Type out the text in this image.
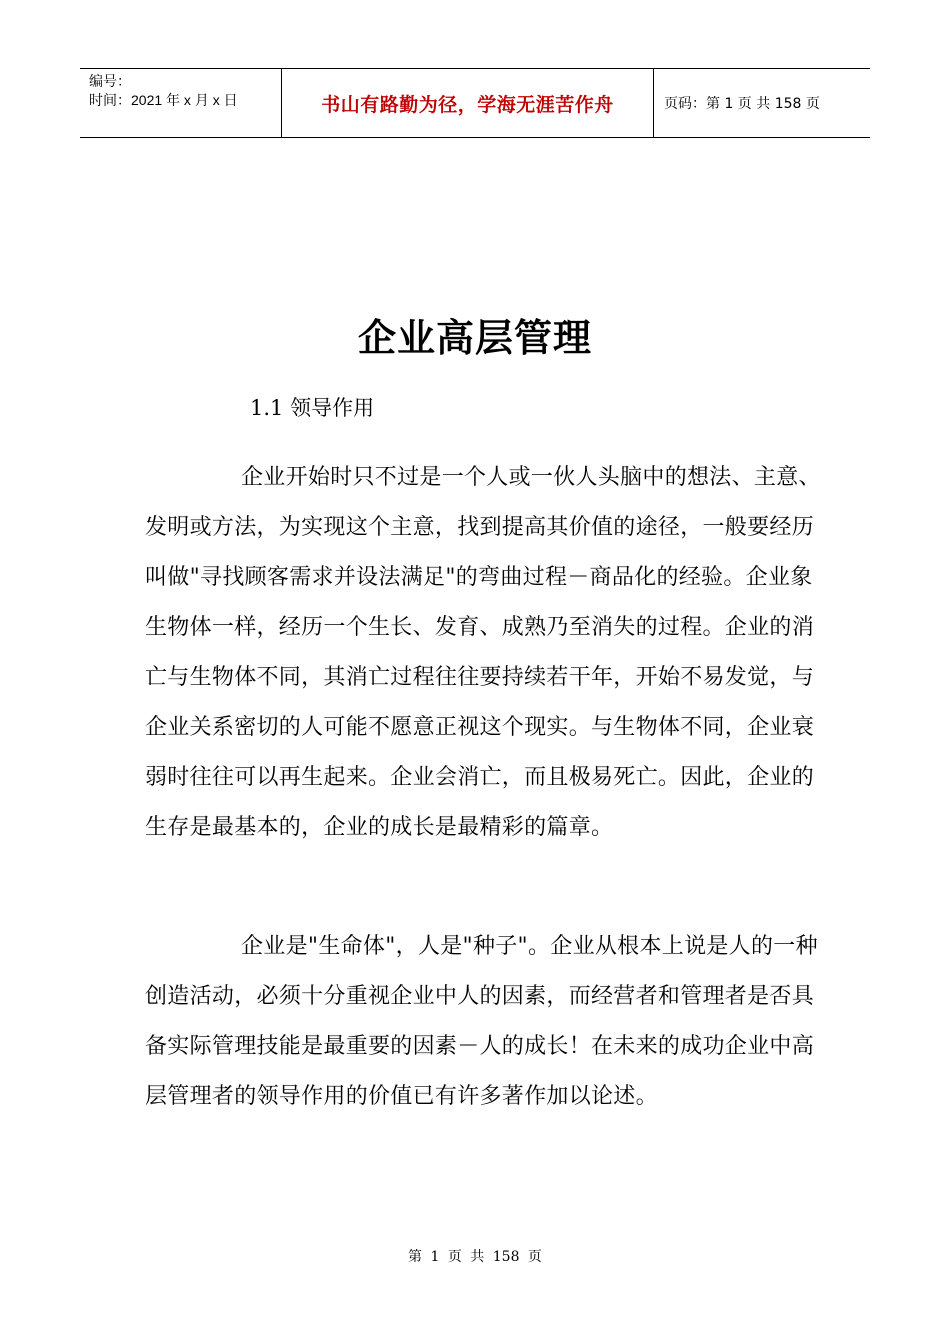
编号：
时间：2021 年 x 月 x 日	书山有路勤为径，学海无涯苦作舟	页码：第 1 页 共 158 页
企业高层管理
1.1 领导作用
企业开始时只不过是一个人或一伙人头脑中的想法、主意、发明或方法，为实现这个主意，找到提高其价值的途径，一般要经历叫做"寻找顾客需求并设法满足"的弯曲过程－商品化的经验。企业象生物体一样，经历一个生长、发育、成熟乃至消失的过程。企业的消亡与生物体不同，其消亡过程往往要持续若干年，开始不易发觉，与企业关系密切的人可能不愿意正视这个现实。与生物体不同，企业衰弱时往往可以再生起来。企业会消亡，而且极易死亡。因此，企业的生存是最基本的，企业的成长是最精彩的篇章。
企业是"生命体"，人是"种子"。企业从根本上说是人的一种创造活动，必须十分重视企业中人的因素，而经营者和管理者是否具备实际管理技能是最重要的因素－人的成长！在未来的成功企业中高层管理者的领导作用的价值已有许多著作加以论述。
第 1 页 共 158 页
